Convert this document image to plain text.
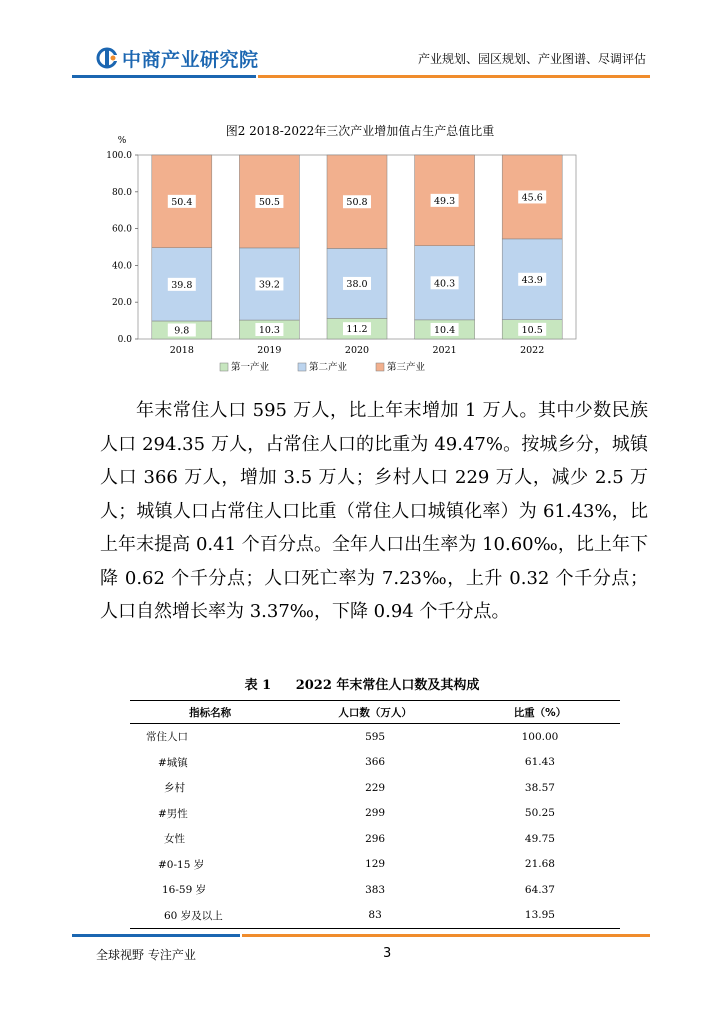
中商产业研究院	产业规划、园区规划、产业图谱、尽调评估
图2 2018-2022年三次产业增加值占生产总值比重
%
0.0
20.0
40.0
60.0
80.0
100.0
9.8
39.8
50.4
2018
10.3
39.2
50.5
2019
11.2
38.0
50.8
2020
10.4
40.3
49.3
2021
10.5
43.9
45.6
2022
第一产业	第二产业	第三产业

年末常住人口 595 万人，比上年末增加 1 万人。其中少数民族人口 294.35 万人，占常住人口的比重为 49.47%。按城乡分，城镇人口 366 万人，增加 3.5 万人；乡村人口 229 万人，减少 2.5 万人；城镇人口占常住人口比重（常住人口城镇化率）为 61.43%，比上年末提高 0.41 个百分点。全年人口出生率为 10.60‰，比上年下降 0.62 个千分点；人口死亡率为 7.23‰，上升 0.32 个千分点；人口自然增长率为 3.37‰，下降 0.94 个千分点。

表 1 2022 年末常住人口数及其构成
指标名称	人口数（万人）	比重（%）
常住人口	595	100.00
#城镇	366	61.43
乡村	229	38.57
#男性	299	50.25
女性	296	49.75
#0-15 岁	129	21.68
16-59 岁	383	64.37
60 岁及以上	83	13.95
全球视野 专注产业	3
